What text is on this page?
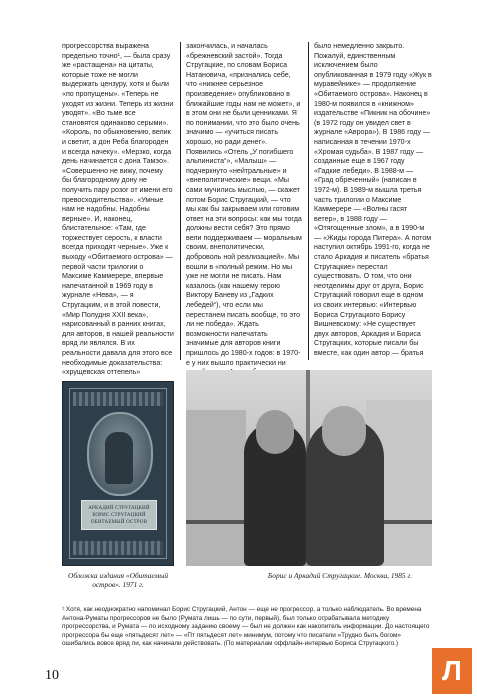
прогрессорства выражена предельно точно¹, — была сразу же «растащена» на цитаты, которые тоже не могли выдержать цензуру, хотя и были «по пропущены». «Теперь не уходят из жизни. Теперь из жизни уводят». «Во тьме все становятся одинаково серыми». «Король, по обыкновению, велик и светит, а дон Реба благороден и всегда начеку». «Мерзко, когда день начинается с дона Тамэо». «Совершенно не вижу, почему бы благородному дону не получить пару розог от имени его превосходительства». «Умные нам не надобны. Надобны верные». И, наконец, блистательное: «Там, где торжествует серость, к власти всегда приходят черные». Уже к выходу «Обитаемого острова» — первой части трилогии о Максиме Каммерере, впервые напечатанной в 1969 году в журнале «Нева», — я Стругацким, и в этой повести, «Мир Полудня XXII века», нарисованный в ранних книгах, для авторов, в нашей реальности вряд ли являлся. В их реальности давала для этого все необходимые доказательства: «хрущевская оттепель»

закончилась, и началась «брежневский застой». Тогда Стругацкие, по словам Бориса Натановича, «признались себе, что «нижнее серьезное произведение» опубликовано в ближайшие годы нам не может», и в этом они не были ценниками. Я по понимании, что это было очень значимо — «учиться писать хорошо, но ради денег». Появились «Отель „У погибшего альпиниста“», «Малыш» — подчеркнуто «нейтральные» и «внеполитические» вещи. «Мы сами мучились мыслью, — скажет потом Борис Стругацкий, — что мы как бы закрываем или готовим ответ на эти вопросы: как мы тогда должны вести себя? Это прямо вели поддерживаем — моральным своим, внеполитически, доброволь ной реализацией». Мы вошли в «полный режим. Но мы уже не могли не писать. Нам казалось (как нашему герою Виктору Баневу из „Гадких лебедей“), что если мы перестанем писать вообще, то это ли не победа». Ждать возможности напечатать значимые для авторов книги пришлось до 1980-х годов: в 1970-е у них вышло практически ни

было немедленно закрыто. Пожалуй, единственным исключением было опубликованная в 1979 году «Жук в муравейнике» — продолжение «Обитаемого острова». Наконец в 1980-м появился в «книжном» издательстве «Пикник на обочине» (в 1972 году он увидел свет в журнале «Аврора»). В 1986 году — написанная в течении 1970-х «Хромая судьба». В 1987 году — созданные еще в 1967 году «Гадкие лебеди». В 1988-м — «Град обреченный» (написан в 1972-м). В 1989-м вышла третья часть трилогии о Максиме Каммерере — «Волны гасят ветер», в 1988 году — «Отягощенные злом», а в 1990-м — «Жиды города Питера». А потом наступил октябрь 1991-го, когда не стало Аркадия и писатель «братья Стругацкие» перестал существовать. О том, что они неотделимы друг от друга, Борис Стругацкий говорил еще в одном из своих интервью: «Интервью Бориса Стругацкого Борису Вишневскому: «Не существует двух авторов, Аркадия и Бориса Стругацких, которые писали бы вместе, как один автор — братья

АРКАДИЙ СТРУГАЦКИЙ
БОРИС СТРУГАЦКИЙ
ОБИТАЕМЫЙ ОСТРОВ
Обложка издания «Обитаемый остров». 1971 г.
Борис и Аркадий Стругацкие. Москва, 1985 г.
¹ Хотя, как неоднократно напоминал Борис Стругацкий, Антон — еще не прогрессор, а только наблюдатель. Во времена Антона-Руматы прогрессоров не было (Румата лишь — по сути, первый), был только отрабатывала методику прогрессорства, и Румата — по исходному заданию своему — был не должен как накопитель информации. До настоящего прогрессора бы еще «пятьдесят лет» — «Пт пятьдесят лет» минимум, потому что писатели «Трудно быть богом» ошибались вовсе вряд ли, как начинали действовать. (По материалам оффлайн-интервью Бориса Стругацкого.)
10	Л
